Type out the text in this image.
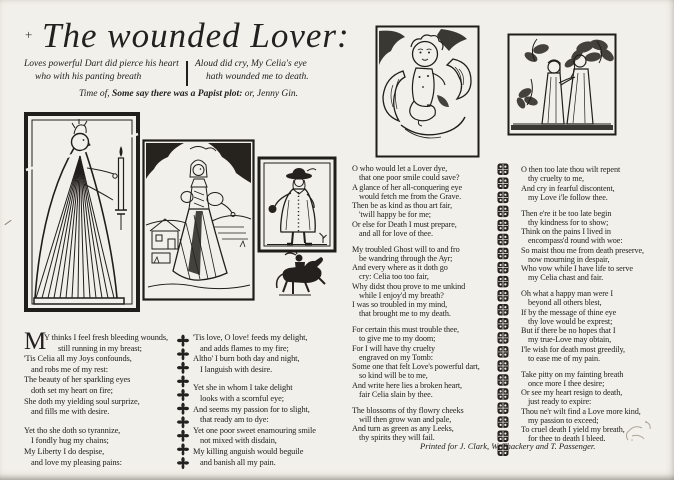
+ The wounded Lover:
Loves powerful Dart did pierce his heart
who with his panting breath
Aloud did cry, My Celia's eye
hath wounded me to death.
Time of, Some say there was a Papist plot: or, Jenny Gin.
M
Y thinks I feel fresh bleeding wounds,
still running in my breast;
'Tis Celia all my Joys confounds,
and robs me of my rest:
The beauty of her sparkling eyes
doth set my heart on fire;
She doth my yielding soul surprize,
and fills me with desire.
Yet tho she doth so tyrannize,
I fondly hug my chains;
My Liberty I do despise,
and love my pleasing pains:
'Tis love, O love! feeds my delight,
and adds flames to my fire;
Altho' I burn both day and night,
I languish with desire.
Yet she in whom I take delight
looks with a scornful eye;
And seems my passion for to slight,
that ready am to dye:
Yet one poor sweet enamouring smile
not mixed with disdain,
My killing anguish would beguile
and banish all my pain.
O who would let a Lover dye,
that one poor smile could save?
A glance of her all-conquering eye
would fetch me from the Grave.
Then be as kind as thou art fair,
'twill happy be for me;
Or else for Death I must prepare,
and all for love of thee.
My troubled Ghost will to and fro
be wandring through the Ayr;
And every where as it doth go
cry: Celia too too fair,
Why didst thou prove to me unkind
while I enjoy'd my breath?
I was so troubled in my mind,
that brought me to my death.
For certain this must trouble thee,
to give me to my doom;
For I will have thy cruelty
engraved on my Tomb:
Some one that felt Love's powerful dart,
so kind will be to me,
And write here lies a broken heart,
fair Celia slain by thee.
The blossoms of thy flowry cheeks
will then grow wan and pale,
And turn as green as any Leeks,
thy spirits they will fail.
O then too late thou wilt repent
thy cruelty to me,
And cry in fearful discontent,
my Love i'le follow thee.
Then e're it be too late begin
thy kindness for to show;
Think on the pains I lived in
encompass'd round with woe:
So maist thou me from death preserve,
now mourning in despair,
Who vow while I have life to serve
my Celia chast and fair.
Oh what a happy man were I
beyond all others blest,
If by the message of thine eye
thy love would be exprest;
But if there be no hopes that I
my true-Love may obtain,
I'le wish for death most greedily,
to ease me of my pain.
Take pitty on my fainting breath
once more I thee desire;
Or see my heart resign to death,
just ready to expire:
Thou ne'r wilt find a Love more kind,
my passion to exceed;
To cruel death I yield my breath,
for thee to death I bleed.
Printed for J. Clark, W. Thackery and T. Passenger.
